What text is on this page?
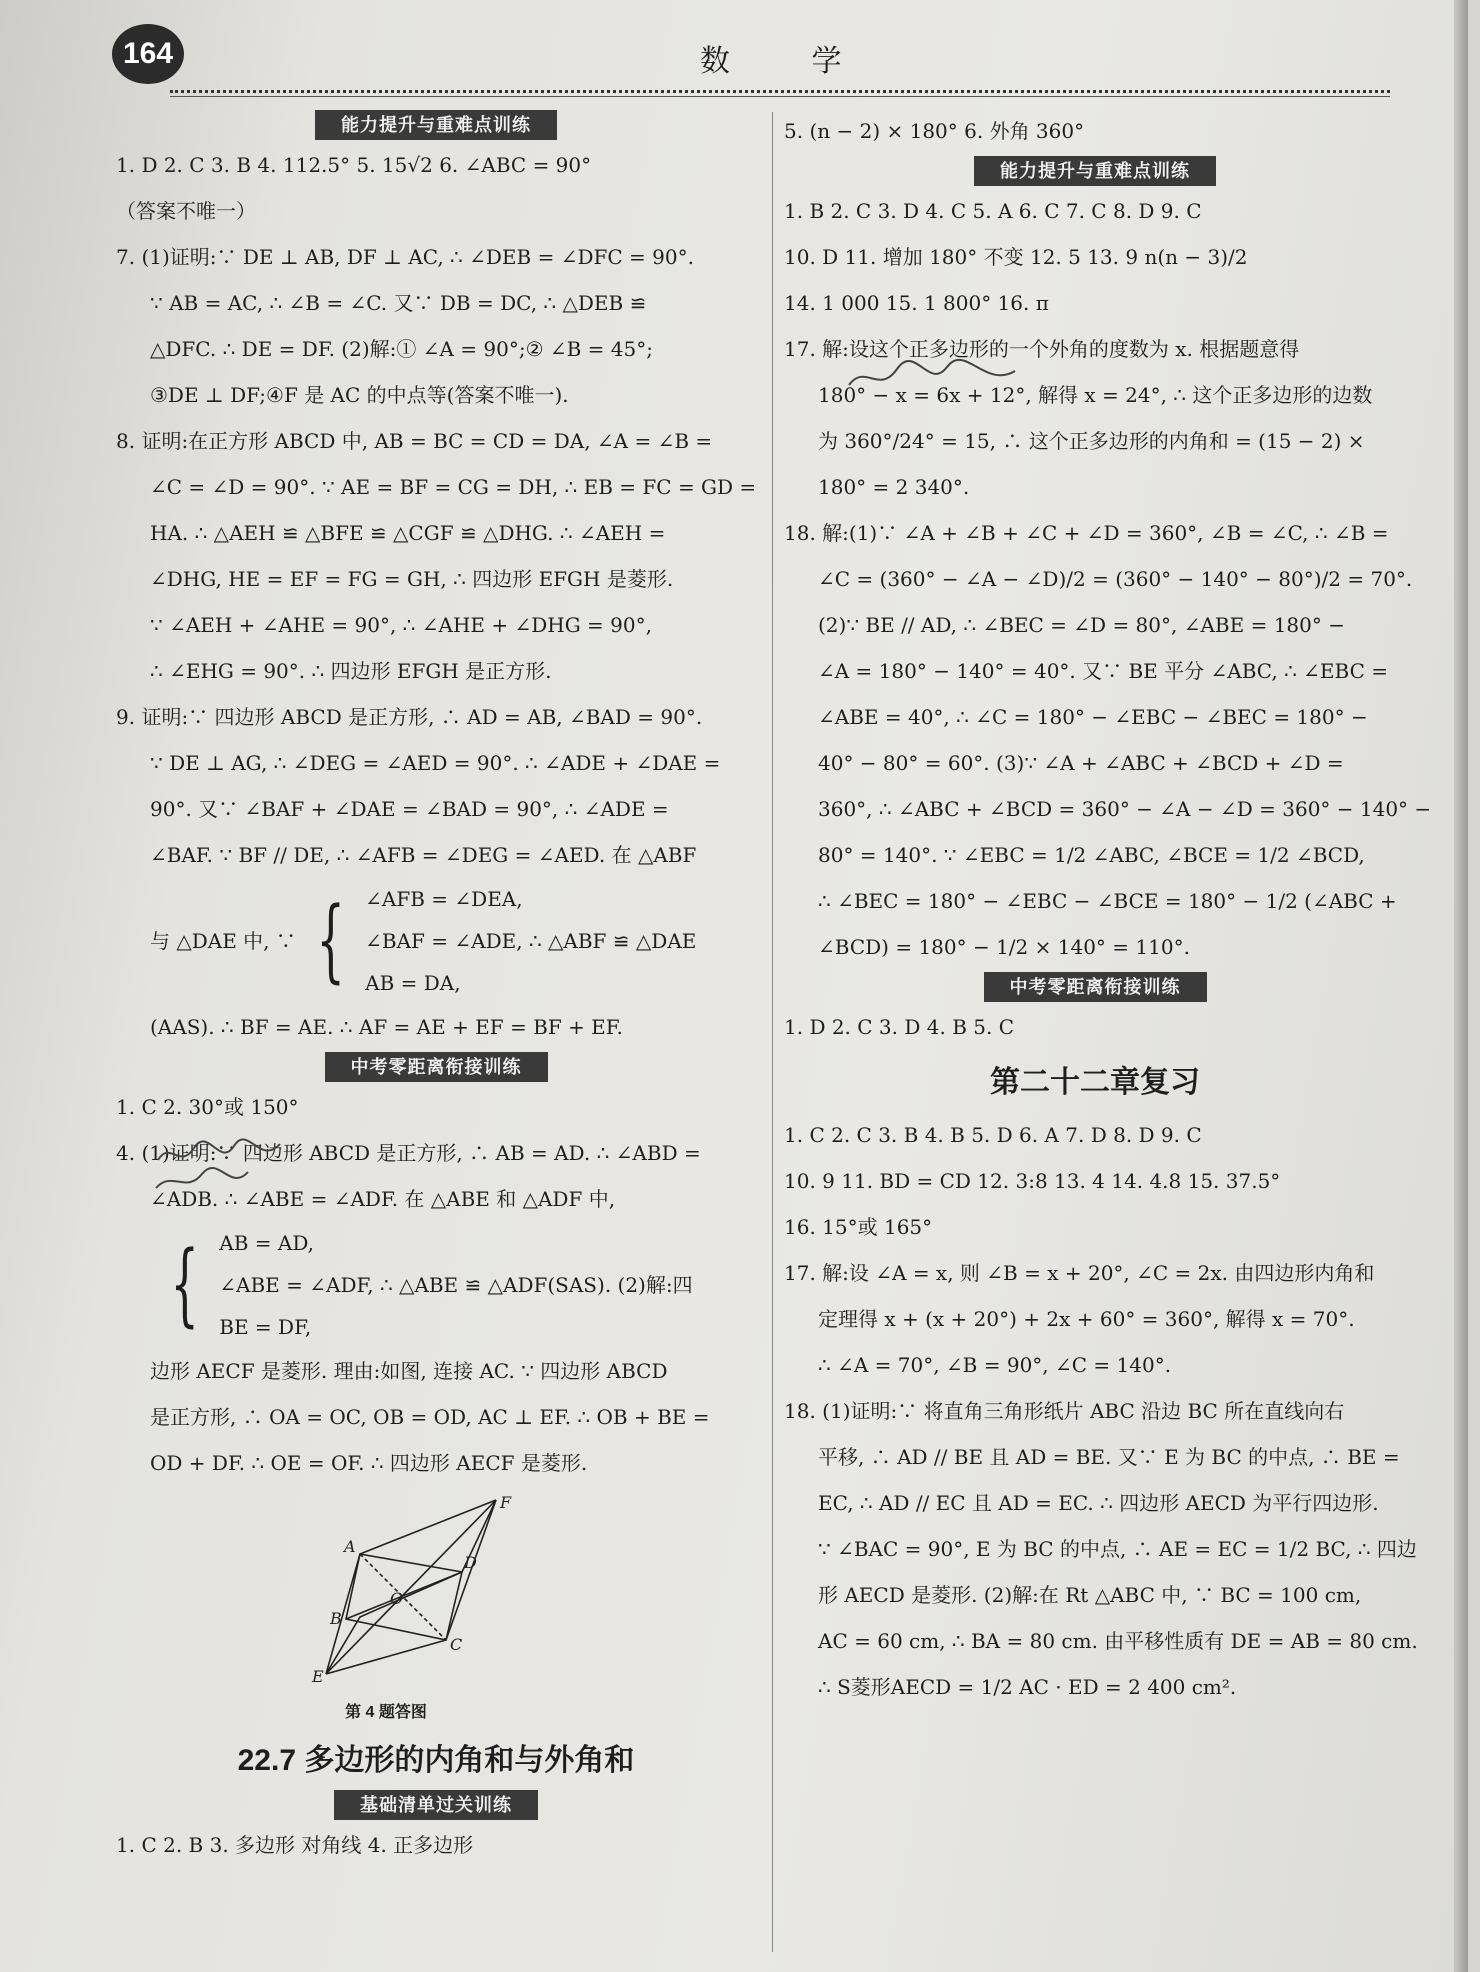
164	数 学
能力提升与重难点训练
1. D 2. C 3. B 4. 112.5° 5. 15√2 6. ∠ABC = 90°
（答案不唯一）
7. (1)证明:∵ DE ⊥ AB, DF ⊥ AC, ∴ ∠DEB = ∠DFC = 90°.
∵ AB = AC, ∴ ∠B = ∠C. 又∵ DB = DC, ∴ △DEB ≌
△DFC. ∴ DE = DF. (2)解:① ∠A = 90°;② ∠B = 45°;
③DE ⊥ DF;④F 是 AC 的中点等(答案不唯一).
8. 证明:在正方形 ABCD 中, AB = BC = CD = DA, ∠A = ∠B =
∠C = ∠D = 90°. ∵ AE = BF = CG = DH, ∴ EB = FC = GD =
HA. ∴ △AEH ≌ △BFE ≌ △CGF ≌ △DHG. ∴ ∠AEH =
∠DHG, HE = EF = FG = GH, ∴ 四边形 EFGH 是菱形.
∵ ∠AEH + ∠AHE = 90°, ∴ ∠AHE + ∠DHG = 90°,
∴ ∠EHG = 90°. ∴ 四边形 EFGH 是正方形.
9. 证明:∵ 四边形 ABCD 是正方形, ∴ AD = AB, ∠BAD = 90°.
∵ DE ⊥ AG, ∴ ∠DEG = ∠AED = 90°. ∴ ∠ADE + ∠DAE =
90°. 又∵ ∠BAF + ∠DAE = ∠BAD = 90°, ∴ ∠ADE =
∠BAF. ∵ BF // DE, ∴ ∠AFB = ∠DEG = ∠AED. 在 △ABF
与 △DAE 中, ∵ { ∠AFB = ∠DEA,
∠BAF = ∠ADE, ∴ △ABF ≌ △DAE
AB = DA,
(AAS). ∴ BF = AE. ∴ AF = AE + EF = BF + EF.
中考零距离衔接训练
1. C 2. 30°或 150°
4. (1)证明:∵ 四边形 ABCD 是正方形, ∴ AB = AD. ∴ ∠ABD =
∠ADB. ∴ ∠ABE = ∠ADF. 在 △ABE 和 △ADF 中,
{ AB = AD,
∠ABE = ∠ADF, ∴ △ABE ≌ △ADF(SAS). (2)解:四
BE = DF,
边形 AECF 是菱形. 理由:如图, 连接 AC. ∵ 四边形 ABCD
是正方形, ∴ OA = OC, OB = OD, AC ⊥ EF. ∴ OB + BE =
OD + DF. ∴ OE = OF. ∴ 四边形 AECF 是菱形.
A
B
C
D
E
F
O
第 4 题答图
22.7 多边形的内角和与外角和
基础清单过关训练
1. C 2. B 3. 多边形 对角线 4. 正多边形
5. (n − 2) × 180° 6. 外角 360°
能力提升与重难点训练
1. B 2. C 3. D 4. C 5. A 6. C 7. C 8. D 9. C
10. D 11. 增加 180° 不变 12. 5 13. 9 n(n − 3)/2
14. 1 000 15. 1 800° 16. π
17. 解:设这个正多边形的一个外角的度数为 x. 根据题意得
180° − x = 6x + 12°, 解得 x = 24°, ∴ 这个正多边形的边数
为 360°/24° = 15, ∴ 这个正多边形的内角和 = (15 − 2) ×
180° = 2 340°.
18. 解:(1)∵ ∠A + ∠B + ∠C + ∠D = 360°, ∠B = ∠C, ∴ ∠B =
∠C = (360° − ∠A − ∠D)/2 = (360° − 140° − 80°)/2 = 70°.
(2)∵ BE // AD, ∴ ∠BEC = ∠D = 80°, ∠ABE = 180° −
∠A = 180° − 140° = 40°. 又∵ BE 平分 ∠ABC, ∴ ∠EBC =
∠ABE = 40°, ∴ ∠C = 180° − ∠EBC − ∠BEC = 180° −
40° − 80° = 60°. (3)∵ ∠A + ∠ABC + ∠BCD + ∠D =
360°, ∴ ∠ABC + ∠BCD = 360° − ∠A − ∠D = 360° − 140° −
80° = 140°. ∵ ∠EBC = 1/2 ∠ABC, ∠BCE = 1/2 ∠BCD,
∴ ∠BEC = 180° − ∠EBC − ∠BCE = 180° − 1/2 (∠ABC +
∠BCD) = 180° − 1/2 × 140° = 110°.
中考零距离衔接训练
1. D 2. C 3. D 4. B 5. C
第二十二章复习
1. C 2. C 3. B 4. B 5. D 6. A 7. D 8. D 9. C
10. 9 11. BD = CD 12. 3:8 13. 4 14. 4.8 15. 37.5°
16. 15°或 165°
17. 解:设 ∠A = x, 则 ∠B = x + 20°, ∠C = 2x. 由四边形内角和
定理得 x + (x + 20°) + 2x + 60° = 360°, 解得 x = 70°.
∴ ∠A = 70°, ∠B = 90°, ∠C = 140°.
18. (1)证明:∵ 将直角三角形纸片 ABC 沿边 BC 所在直线向右
平移, ∴ AD // BE 且 AD = BE. 又∵ E 为 BC 的中点, ∴ BE =
EC, ∴ AD // EC 且 AD = EC. ∴ 四边形 AECD 为平行四边形.
∵ ∠BAC = 90°, E 为 BC 的中点, ∴ AE = EC = 1/2 BC, ∴ 四边
形 AECD 是菱形. (2)解:在 Rt △ABC 中, ∵ BC = 100 cm,
AC = 60 cm, ∴ BA = 80 cm. 由平移性质有 DE = AB = 80 cm.
∴ S菱形AECD = 1/2 AC · ED = 2 400 cm².
